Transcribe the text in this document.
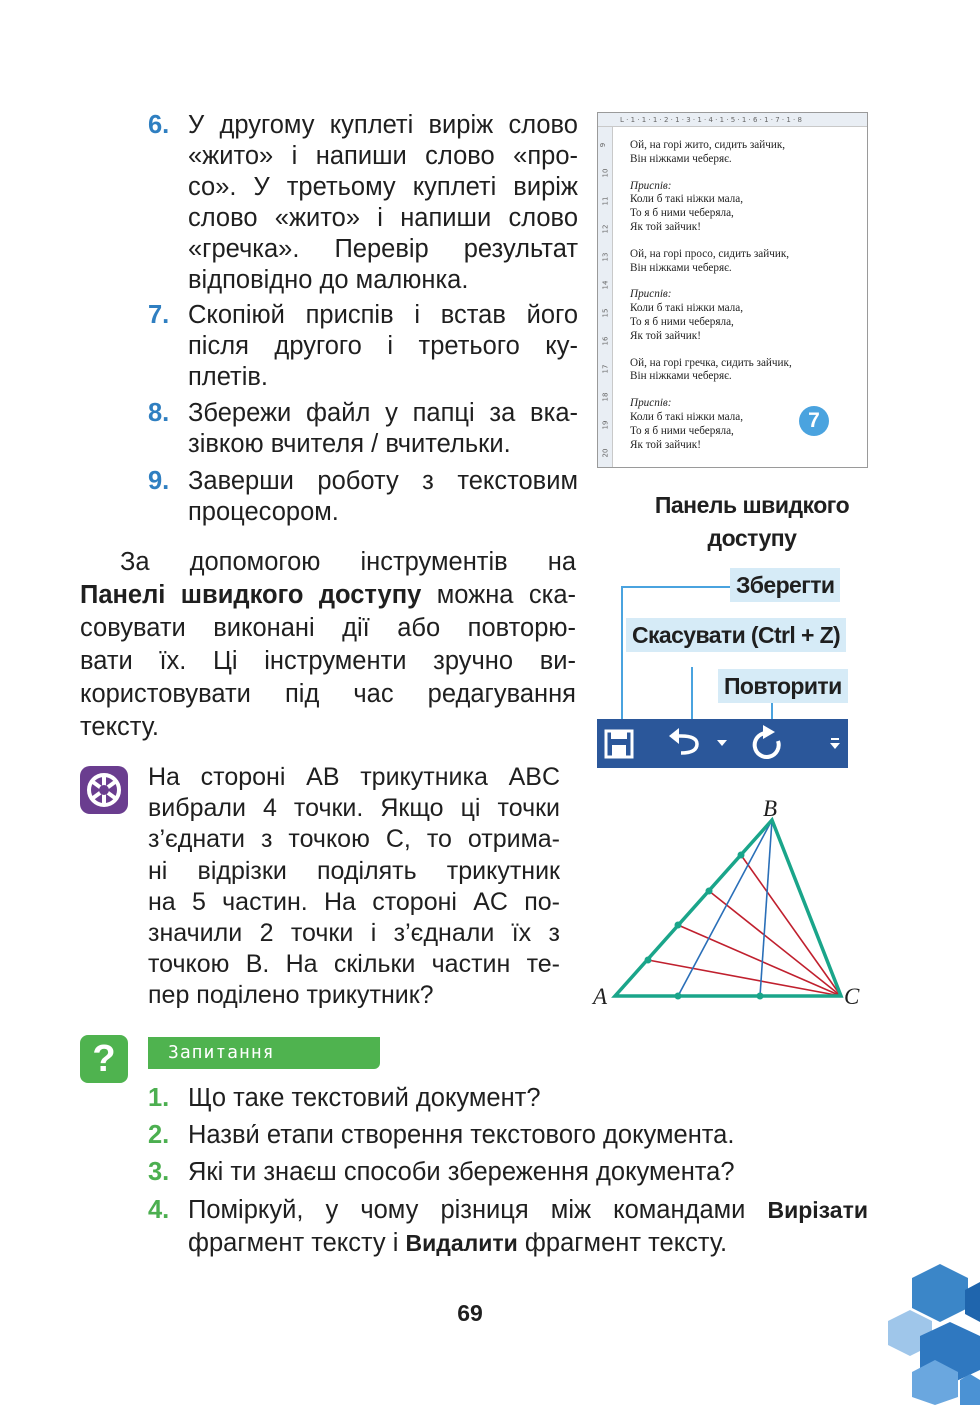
6. У другому куплеті виріж слово
«жито» і напиши слово «про-
со». У третьому куплеті виріж
слово «жито» і напиши слово
«гречка». Перевір результат
відповідно до малюнка.
7. Скопіюй приспів і встав його
після другого і третього ку-
плетів.
8. Збережи файл у папці за вка-
зівкою вчителя / вчительки.
9. Заверши роботу з текстовим
процесором.
За допомогою інструментів на
Панелі швидкого доступу можна ска-
совувати виконані дії або повторю-
вати їх. Ці інструменти зручно ви-
користовувати під час редагування
тексту.
L · 1 · 1 · 1 · 2 · 1 · 3 · 1 · 4 · 1 · 5 · 1 · 6 · 1 · 7 · 1 · 8
9
10
11
12
13
14
15
16
17
18
19
20
Ой, на горі жито, сидить зайчик,
Він ніжками чеберяє.
Приспів:
Коли б такі ніжки мала,
То я б ними чеберяла,
Як той зайчик!
Ой, на горі просо, сидить зайчик,
Він ніжками чеберяє.
Приспів:
Коли б такі ніжки мала,
То я б ними чеберяла,
Як той зайчик!
Ой, на горі гречка, сидить зайчик,
Він ніжками чеберяє.
Приспів:
Коли б такі ніжки мала,
То я б ними чеберяла,
Як той зайчик!
7
Панель швидкого
доступу
Зберегти
Скасувати (Ctrl + Z)
Повторити
На стороні AB трикутника ABC
вибрали 4 точки. Якщо ці точки
з’єднати з точкою C, то отрима-
ні відрізки поділять трикутник
на 5 частин. На стороні AC по-
значили 2 точки і з’єднали їх з
точкою B. На скільки частин те-
пер поділено трикутник?
B
A	C
?	Запитання
1. Що таке текстовий документ?
2. Назви́ етапи створення текстового документа.
3. Які ти знаєш способи збереження документа?
4. Поміркуй, у чому різниця між командами Вирізати
фрагмент тексту і Видалити фрагмент тексту.
69
